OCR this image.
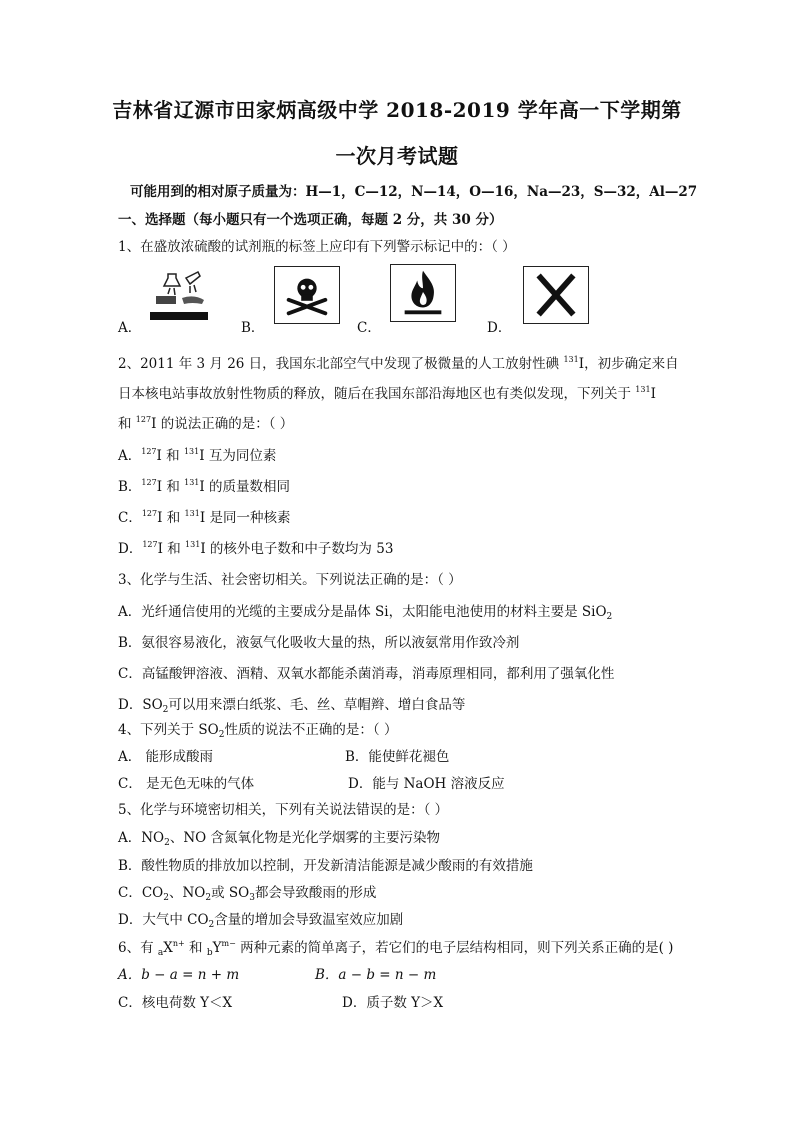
吉林省辽源市田家炳高级中学 2018-2019 学年高一下学期第
一次月考试题
可能用到的相对原子质量为：H—1，C—12，N—14，O—16，Na—23，S—32，Al—27
一、选择题（每小题只有一个选项正确，每题 2 分，共 30 分）
1、在盛放浓硫酸的试剂瓶的标签上应印有下列警示标记中的：（ ）
A．	B．	C．	D．
2、2011 年 3 月 26 日，我国东北部空气中发现了极微量的人工放射性碘 $^{131}$I，初步确定来自
日本核电站事故放射性物质的释放，随后在我国东部沿海地区也有类似发现，下列关于 $^{131}$I
和 $^{127}$I 的说法正确的是：（ ）
A．$^{127}$I 和 $^{131}$I 互为同位素
B．$^{127}$I 和 $^{131}$I 的质量数相同
C．$^{127}$I 和 $^{131}$I 是同一种核素
D．$^{127}$I 和 $^{131}$I 的核外电子数和中子数均为 53
3、化学与生活、社会密切相关。下列说法正确的是：（ ）
A．光纤通信使用的光缆的主要成分是晶体 Si，太阳能电池使用的材料主要是 SiO$_2$
B．氨很容易液化，液氨气化吸收大量的热，所以液氨常用作致冷剂
C．高锰酸钾溶液、酒精、双氧水都能杀菌消毒，消毒原理相同，都利用了强氧化性
D．$SO_2$可以用来漂白纸浆、毛、丝、草帽辫、增白食品等
4、下列关于 $SO_2$性质的说法不正确的是：（ ）
A． 能形成酸雨	B．能使鲜花褪色
C． 是无色无味的气体	D．能与 NaOH 溶液反应
5、化学与环境密切相关，下列有关说法错误的是：（ ）
A．$NO_2$、NO 含氮氧化物是光化学烟雾的主要污染物
B．酸性物质的排放加以控制，开发新清洁能源是减少酸雨的有效措施
C．$CO_2$、$NO_2$或 $SO_3$都会导致酸雨的形成
D．大气中 $CO_2$含量的增加会导致温室效应加剧
6、有 $_aX^{n+}$ 和 $_bY^{m-}$ 两种元素的简单离子，若它们的电子层结构相同，则下列关系正确的是( )
A．b − a = n + m	B．a − b = n − m
C．核电荷数 Y＜X	D．质子数 Y＞X
